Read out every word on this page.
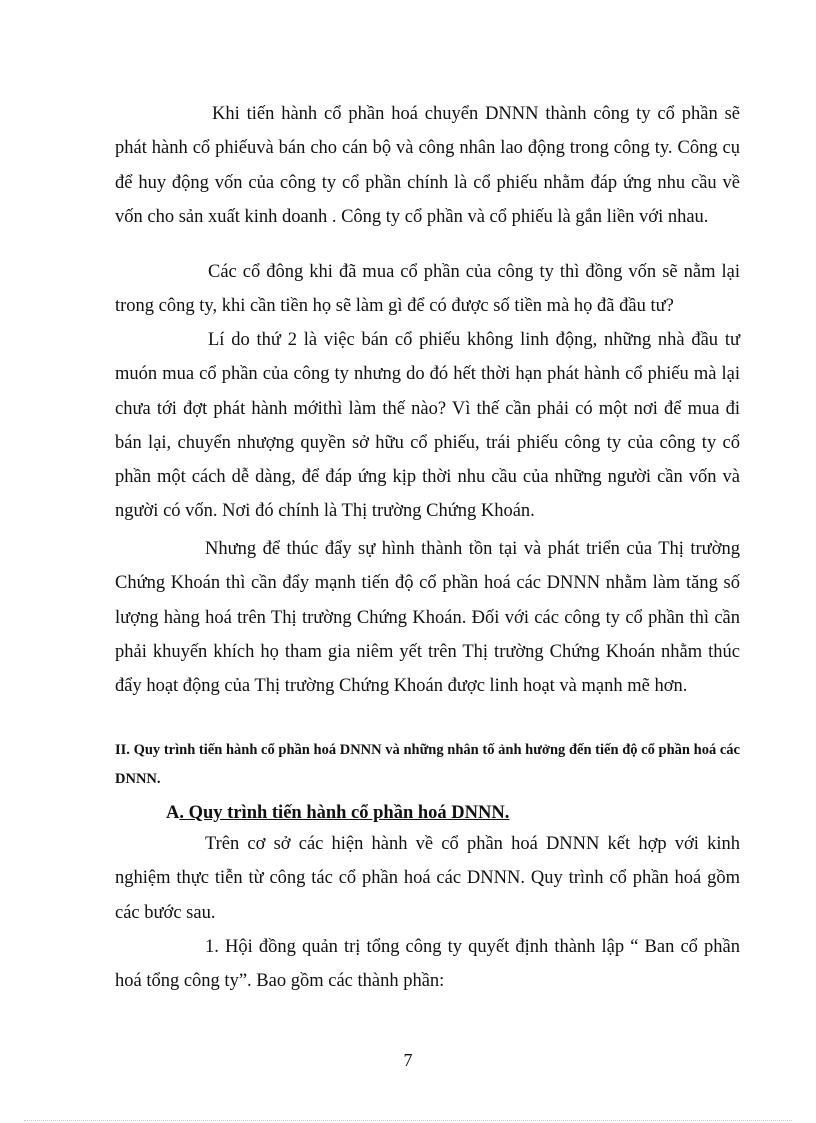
Khi tiến hành cổ phần hoá chuyển DNNN thành công ty cổ phần sẽ phát hành cổ phiếuvà bán cho cán bộ và công nhân lao động trong công ty. Công cụ để huy động vốn của công ty cổ phần chính là cổ phiếu nhằm đáp ứng nhu cầu về vốn cho sản xuất kinh doanh . Công ty cổ phần và cổ phiếu là gắn liền với nhau.

Các cổ đông khi đã mua cổ phần của công ty thì đồng vốn sẽ nằm lại trong công ty, khi cần tiền họ sẽ làm gì để có được số tiền mà họ đã đầu tư?

Lí do thứ 2 là việc bán cổ phiếu không linh động, những nhà đầu tư muón mua cổ phần của công ty nhưng do đó hết thời hạn phát hành cổ phiếu mà lại chưa tới đợt phát hành mớithì làm thế nào? Vì thế cần phải có một nơi để mua đi bán lại, chuyển nhượng quyền sở hữu cổ phiếu, trái phiếu công ty của công ty cổ phần một cách dễ dàng, để đáp ứng kịp thời nhu cầu của những người cần vốn và người có vốn. Nơi đó chính là Thị trường Chứng Khoán.

Nhưng để thúc đẩy sự hình thành tồn tại và phát triển của Thị trường Chứng Khoán thì cần đẩy mạnh tiến độ cổ phần hoá các DNNN nhằm làm tăng số lượng hàng hoá trên Thị trường Chứng Khoán. Đối với các công ty cổ phần thì cần phải khuyến khích họ tham gia niêm yết trên Thị trường Chứng Khoán nhằm thúc đẩy hoạt động của Thị trường Chứng Khoán được linh hoạt và mạnh mẽ hơn.

II. Quy trình tiến hành cổ phần hoá DNNN và những nhân tố ảnh hưởng đến tiến độ cổ phần hoá các DNNN.
A. Quy trình tiến hành cổ phần hoá DNNN.

Trên cơ sở các hiện hành về cổ phần hoá DNNN kết hợp với kinh nghiệm thực tiễn từ công tác cổ phần hoá các DNNN. Quy trình cổ phần hoá gồm các bước sau.

1. Hội đồng quản trị tổng công ty quyết định thành lập “ Ban cổ phần hoá tổng công ty”. Bao gồm các thành phần:

7
